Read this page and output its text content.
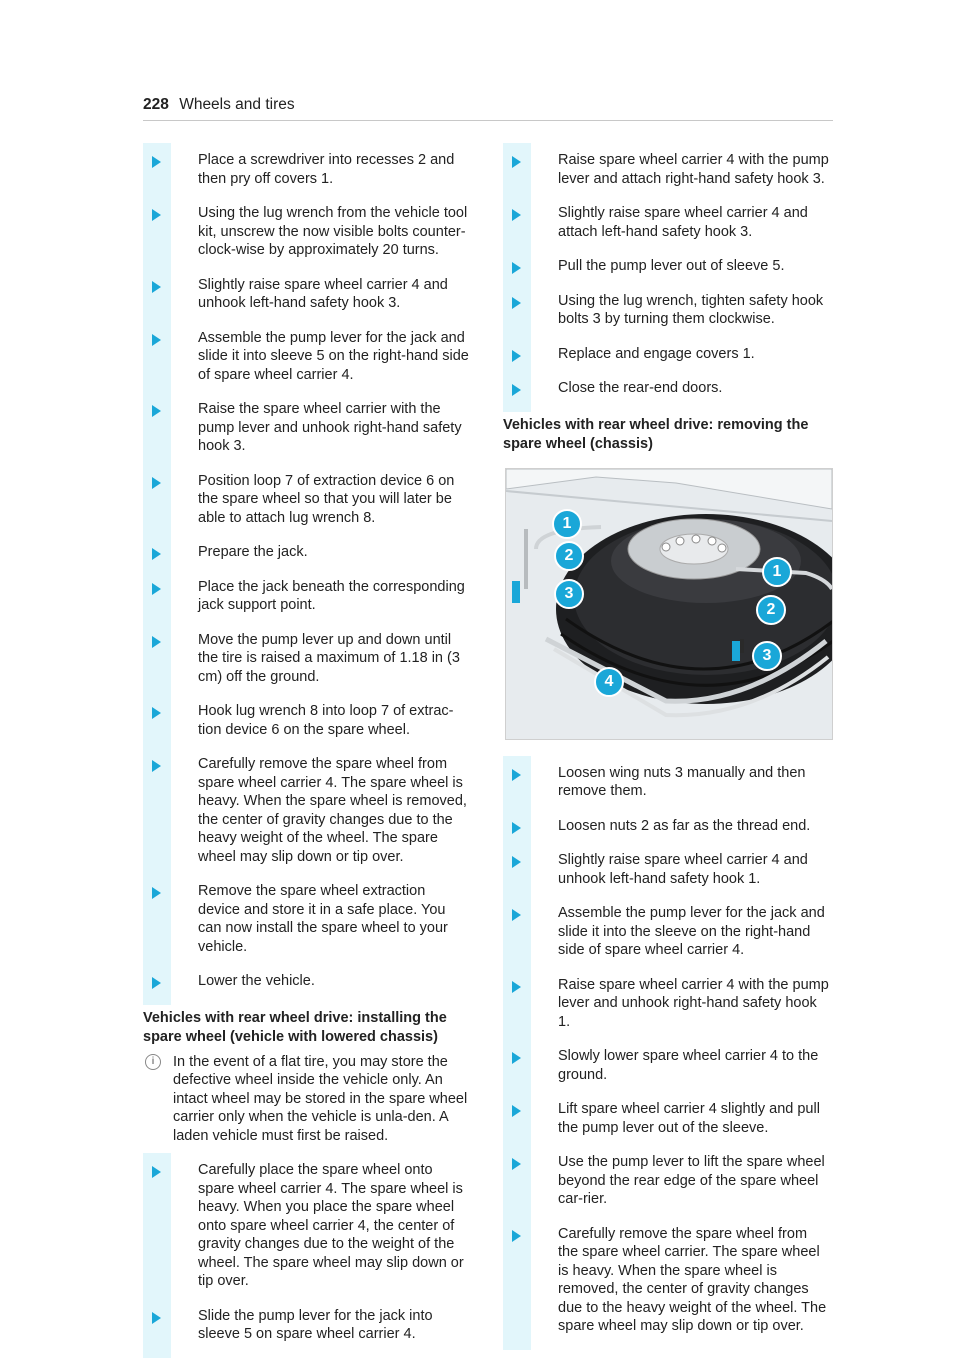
228 Wheels and tires
Place a screwdriver into recesses 2 and then pry off covers 1.
Using the lug wrench from the vehicle tool kit, unscrew the now visible bolts counter-clock-wise by approximately 20 turns.
Slightly raise spare wheel carrier 4 and unhook left-hand safety hook 3.
Assemble the pump lever for the jack and slide it into sleeve 5 on the right-hand side of spare wheel carrier 4.
Raise the spare wheel carrier with the pump lever and unhook right-hand safety hook 3.
Position loop 7 of extraction device 6 on the spare wheel so that you will later be able to attach lug wrench 8.
Prepare the jack.
Place the jack beneath the corresponding jack support point.
Move the pump lever up and down until the tire is raised a maximum of 1.18 in (3 cm) off the ground.
Hook lug wrench 8 into loop 7 of extrac-tion device 6 on the spare wheel.
Carefully remove the spare wheel from spare wheel carrier 4. The spare wheel is heavy. When the spare wheel is removed, the center of gravity changes due to the heavy weight of the wheel. The spare wheel may slip down or tip over.
Remove the spare wheel extraction device and store it in a safe place. You can now install the spare wheel to your vehicle.
Lower the vehicle.
Vehicles with rear wheel drive: installing the spare wheel (vehicle with lowered chassis)
i	In the event of a flat tire, you may store the defective wheel inside the vehicle only. An intact wheel may be stored in the spare wheel carrier only when the vehicle is unla-den. A laden vehicle must first be raised.
Carefully place the spare wheel onto spare wheel carrier 4. The spare wheel is heavy. When you place the spare wheel onto spare wheel carrier 4, the center of gravity changes due to the weight of the wheel. The spare wheel may slip down or tip over.
Slide the pump lever for the jack into sleeve 5 on spare wheel carrier 4.
Raise spare wheel carrier 4 with the pump lever and attach right-hand safety hook 3.
Slightly raise spare wheel carrier 4 and attach left-hand safety hook 3.
Pull the pump lever out of sleeve 5.
Using the lug wrench, tighten safety hook bolts 3 by turning them clockwise.
Replace and engage covers 1.
Close the rear-end doors.
Vehicles with rear wheel drive: removing the spare wheel (chassis)
1
2
3
1
2
3
4
Loosen wing nuts 3 manually and then remove them.
Loosen nuts 2 as far as the thread end.
Slightly raise spare wheel carrier 4 and unhook left-hand safety hook 1.
Assemble the pump lever for the jack and slide it into the sleeve on the right-hand side of spare wheel carrier 4.
Raise spare wheel carrier 4 with the pump lever and unhook right-hand safety hook 1.
Slowly lower spare wheel carrier 4 to the ground.
Lift spare wheel carrier 4 slightly and pull the pump lever out of the sleeve.
Use the pump lever to lift the spare wheel beyond the rear edge of the spare wheel car-rier.
Carefully remove the spare wheel from the spare wheel carrier. The spare wheel is heavy. When the spare wheel is removed, the center of gravity changes due to the heavy weight of the wheel. The spare wheel may slip down or tip over.
